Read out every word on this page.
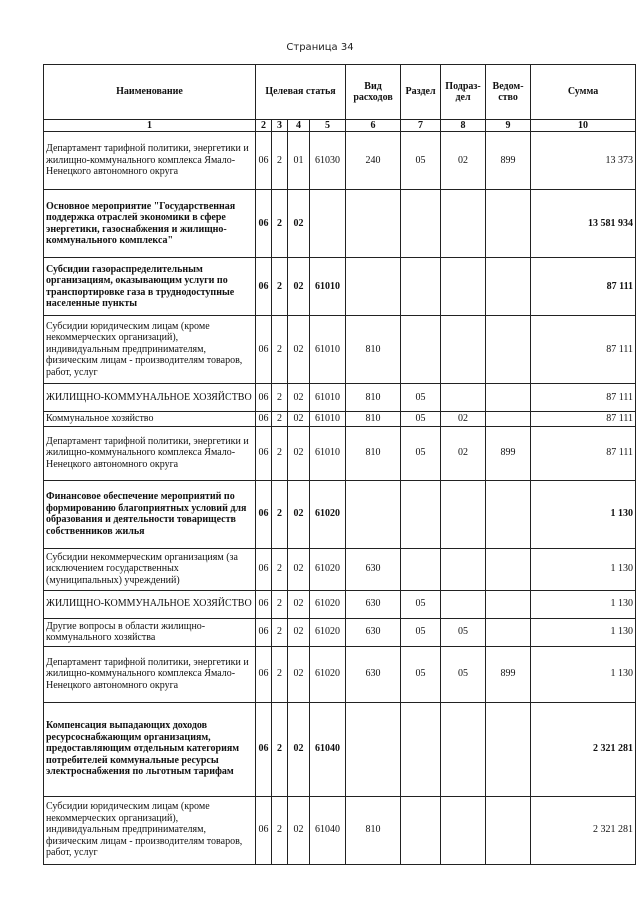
Страница 34
Наименование	Целевая статья				Вид расходов	Раздел	Подраз-дел	Ведом-ство	Сумма
1	2	3	4	5	6	7	8	9	10
Департамент тарифной политики, энергетики и жилищно-коммунального комплекса Ямало-Ненецкого автономного округа	06	2	01	61030	240	05	02	899	13 373
Основное мероприятие "Государственная поддержка отраслей экономики в сфере энергетики, газоснабжения и жилищно-коммунального комплекса"	06	2	02						13 581 934
Субсидии газораспределительным организациям, оказывающим услуги по транспортировке газа в труднодоступные населенные пункты	06	2	02	61010					87 111
Субсидии юридическим лицам (кроме некоммерческих организаций), индивидуальным предпринимателям, физическим лицам - производителям товаров, работ, услуг	06	2	02	61010	810				87 111
ЖИЛИЩНО-КОММУНАЛЬНОЕ ХОЗЯЙСТВО	06	2	02	61010	810	05			87 111
Коммунальное хозяйство	06	2	02	61010	810	05	02		87 111
Департамент тарифной политики, энергетики и жилищно-коммунального комплекса Ямало-Ненецкого автономного округа	06	2	02	61010	810	05	02	899	87 111
Финансовое обеспечение мероприятий по формированию благоприятных условий для образования и деятельности товариществ собственников жилья	06	2	02	61020					1 130
Субсидии некоммерческим организациям (за исключением государственных (муниципальных) учреждений)	06	2	02	61020	630				1 130
ЖИЛИЩНО-КОММУНАЛЬНОЕ ХОЗЯЙСТВО	06	2	02	61020	630	05			1 130
Другие вопросы в области жилищно-коммунального хозяйства	06	2	02	61020	630	05	05		1 130
Департамент тарифной политики, энергетики и жилищно-коммунального комплекса Ямало-Ненецкого автономного округа	06	2	02	61020	630	05	05	899	1 130
Компенсация выпадающих доходов ресурсоснабжающим организациям, предоставляющим отдельным категориям потребителей коммунальные ресурсы электроснабжения по льготным тарифам	06	2	02	61040					2 321 281
Субсидии юридическим лицам (кроме некоммерческих организаций), индивидуальным предпринимателям, физическим лицам - производителям товаров, работ, услуг	06	2	02	61040	810				2 321 281
